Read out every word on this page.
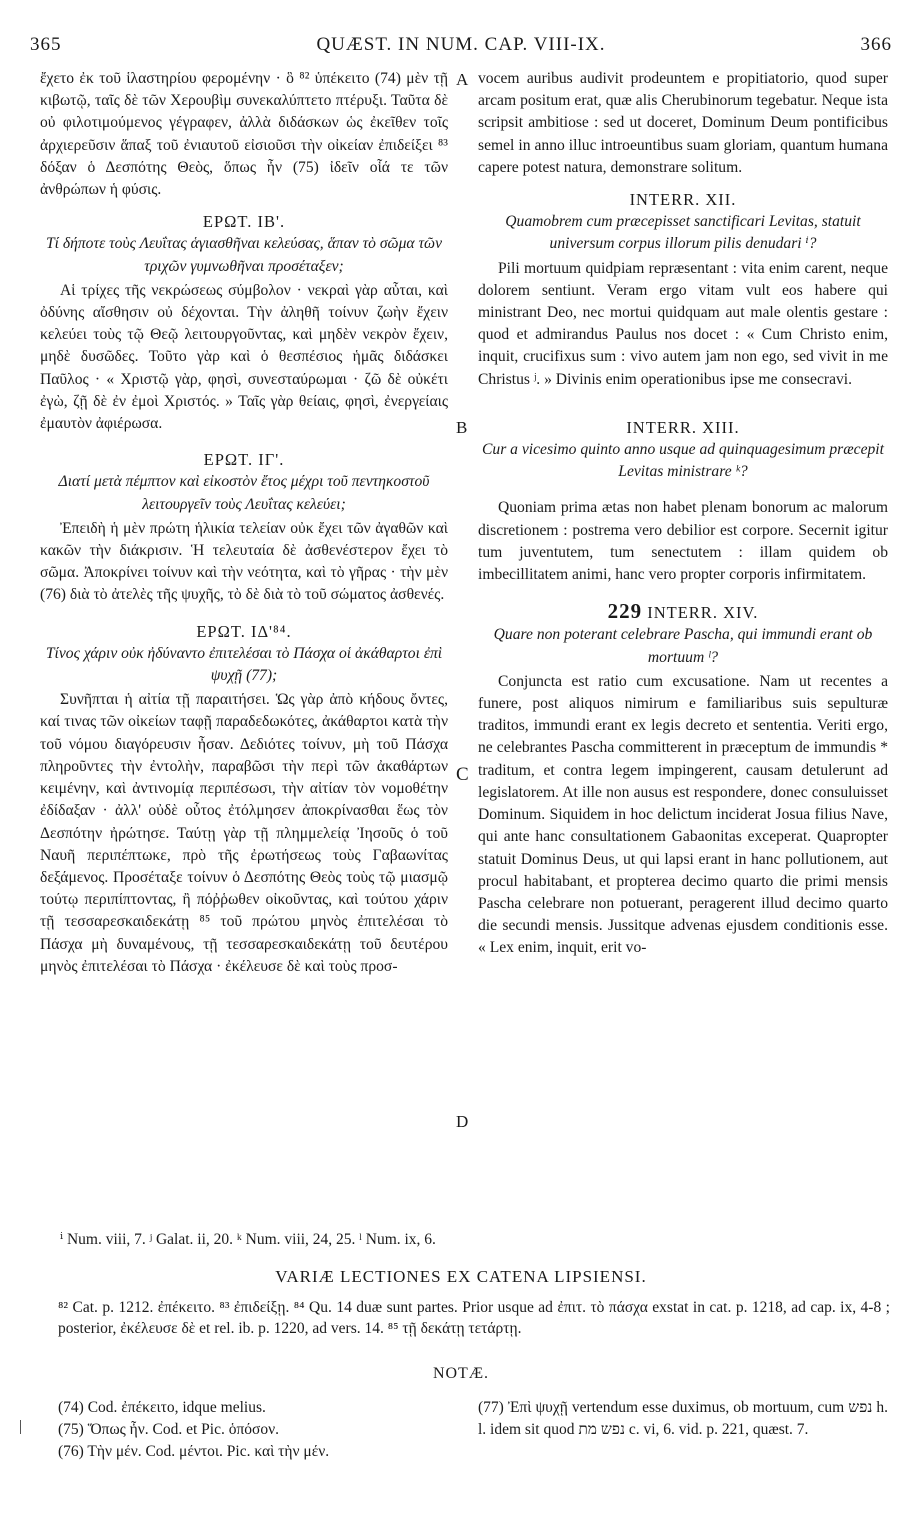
365	QUÆST. IN NUM. CAP. VIII-IX.	366
A
B
C
D

ἔχετο ἐκ τοῦ ἱλαστηρίου φερομένην · ὃ ⁸² ὑπέκειτο (74) μὲν τῇ κιβωτῷ, ταῖς δὲ τῶν Χερουβὶμ συνεκαλύπτετο πτέρυξι. Ταῦτα δὲ οὐ φιλοτιμούμενος γέγραφεν, ἀλλὰ διδάσκων ὡς ἐκεῖθεν τοῖς ἀρχιερεῦσιν ἅπαξ τοῦ ἐνιαυτοῦ εἰσιοῦσι τὴν οἰκείαν ἐπιδείξει ⁸³ δόξαν ὁ Δεσπότης Θεὸς, ὅπως ἦν (75) ἰδεῖν οἷά τε τῶν ἀνθρώπων ἡ φύσις.

ΕΡΩΤ. ΙΒ'.

Τί δήποτε τοὺς Λευΐτας ἁγιασθῆναι κελεύσας, ἅπαν τὸ σῶμα τῶν τριχῶν γυμνωθῆναι προσέταξεν;

Αἱ τρίχες τῆς νεκρώσεως σύμβολον · νεκραὶ γὰρ αὗται, καὶ ὀδύνης αἴσθησιν οὐ δέχονται. Τὴν ἀληθῆ τοίνυν ζωὴν ἔχειν κελεύει τοὺς τῷ Θεῷ λειτουργοῦντας, καὶ μηδὲν νεκρὸν ἔχειν, μηδὲ δυσῶδες. Τοῦτο γὰρ καὶ ὁ θεσπέσιος ἡμᾶς διδάσκει Παῦλος · « Χριστῷ γὰρ, φησὶ, συνεσταύρωμαι · ζῶ δὲ οὐκέτι ἐγὼ, ζῇ δὲ ἐν ἐμοὶ Χριστός. » Ταῖς γὰρ θείαις, φησὶ, ἐνεργείαις ἐμαυτὸν ἀφιέρωσα.

ΕΡΩΤ. ΙΓ'.

Διατί μετὰ πέμπτον καὶ εἰκοστὸν ἔτος μέχρι τοῦ πεντηκοστοῦ λειτουργεῖν τοὺς Λευΐτας κελεύει;

Ἐπειδὴ ἡ μὲν πρώτη ἡλικία τελείαν οὐκ ἔχει τῶν ἀγαθῶν καὶ κακῶν τὴν διάκρισιν. Ἡ τελευταία δὲ ἀσθενέστερον ἔχει τὸ σῶμα. Ἀποκρίνει τοίνυν καὶ τὴν νεότητα, καὶ τὸ γῆρας · τὴν μὲν (76) διὰ τὸ ἀτελὲς τῆς ψυχῆς, τὸ δὲ διὰ τὸ τοῦ σώματος ἀσθενές.

ΕΡΩΤ. ΙΔ'⁸⁴.

Τίνος χάριν οὐκ ἠδύναντο ἐπιτελέσαι τὸ Πάσχα οἱ ἀκάθαρτοι ἐπὶ ψυχῇ (77);

Συνῆπται ἡ αἰτία τῇ παραιτήσει. Ὡς γὰρ ἀπὸ κήδους ὄντες, καί τινας τῶν οἰκείων ταφῇ παραδεδωκότες, ἀκάθαρτοι κατὰ τὴν τοῦ νόμου διαγόρευσιν ἦσαν. Δεδιότες τοίνυν, μὴ τοῦ Πάσχα πληροῦντες τὴν ἐντολὴν, παραβῶσι τὴν περὶ τῶν ἀκαθάρτων κειμένην, καὶ ἀντινομίᾳ περιπέσωσι, τὴν αἰτίαν τὸν νομοθέτην ἐδίδαξαν · ἀλλ' οὐδὲ οὗτος ἐτόλμησεν ἀποκρίνασθαι ἕως τὸν Δεσπότην ἠρώτησε. Ταύτῃ γὰρ τῇ πλημμελείᾳ Ἰησοῦς ὁ τοῦ Ναυῆ περιπέπτωκε, πρὸ τῆς ἐρωτήσεως τοὺς Γαβαωνίτας δεξάμενος. Προσέταξε τοίνυν ὁ Δεσπότης Θεὸς τοὺς τῷ μιασμῷ τούτῳ περιπίπτοντας, ἢ πόῤῥωθεν οἰκοῦντας, καὶ τούτου χάριν τῇ τεσσαρεσκαιδεκάτῃ ⁸⁵ τοῦ πρώτου μηνὸς ἐπιτελέσαι τὸ Πάσχα μὴ δυναμένους, τῇ τεσσαρεσκαιδεκάτῃ τοῦ δευτέρου μηνὸς ἐπιτελέσαι τὸ Πάσχα · ἐκέλευσε δὲ καὶ τοὺς προσ-

vocem auribus audivit prodeuntem e propitiatorio, quod super arcam positum erat, quæ alis Cherubinorum tegebatur. Neque ista scripsit ambitiose : sed ut doceret, Dominum Deum pontificibus semel in anno illuc introeuntibus suam gloriam, quantum humana capere potest natura, demonstrare solitum.

INTERR. XII.

Quamobrem cum præcepisset sanctificari Levitas, statuit universum corpus illorum pilis denudari ⁱ?

Pili mortuum quidpiam repræsentant : vita enim carent, neque dolorem sentiunt. Veram ergo vitam vult eos habere qui ministrant Deo, nec mortui quidquam aut male olentis gestare : quod et admirandus Paulus nos docet : « Cum Christo enim, inquit, crucifixus sum : vivo autem jam non ego, sed vivit in me Christus ʲ. » Divinis enim operationibus ipse me consecravi.

INTERR. XIII.

Cur a vicesimo quinto anno usque ad quinquagesimum præcepit Levitas ministrare ᵏ?

Quoniam prima ætas non habet plenam bonorum ac malorum discretionem : postrema vero debilior est corpore. Secernit igitur tum juventutem, tum senectutem : illam quidem ob imbecillitatem animi, hanc vero propter corporis infirmitatem.

229 INTERR. XIV.

Quare non poterant celebrare Pascha, qui immundi erant ob mortuum ˡ?

Conjuncta est ratio cum excusatione. Nam ut recentes a funere, post aliquos nimirum e familiaribus suis sepulturæ traditos, immundi erant ex legis decreto et sententia. Veriti ergo, ne celebrantes Pascha committerent in præceptum de immundis * traditum, et contra legem impingerent, causam detulerunt ad legislatorem. At ille non ausus est respondere, donec consuluisset Dominum. Siquidem in hoc delictum inciderat Josua filius Nave, qui ante hanc consultationem Gabaonitas exceperat. Quapropter statuit Dominus Deus, ut qui lapsi erant in hanc pollutionem, aut procul habitabant, et propterea decimo quarto die primi mensis Pascha celebrare non potuerant, peragerent illud decimo quarto die secundi mensis. Jussitque advenas ejusdem conditionis esse. « Lex enim, inquit, erit vo-

ⁱ Num. viii, 7. ʲ Galat. ii, 20. ᵏ Num. viii, 24, 25. ˡ Num. ix, 6.
VARIÆ LECTIONES EX CATENA LIPSIENSI.
⁸² Cat. p. 1212. ἐπέκειτο. ⁸³ ἐπιδείξῃ. ⁸⁴ Qu. 14 duæ sunt partes. Prior usque ad ἐπιτ. τὸ πάσχα exstat in cat. p. 1218, ad cap. ix, 4-8 ; posterior, ἐκέλευσε δὲ et rel. ib. p. 1220, ad vers. 14. ⁸⁵ τῇ δεκάτῃ τετάρτῃ.
NOTÆ.
(74) Cod. ἐπέκειτο, idque melius.
(75) Ὅπως ἦν. Cod. et Pic. ὁπόσον.
(76) Τὴν μέν. Cod. μέντοι. Pic. καὶ τὴν μέν.
(77) Ἐπὶ ψυχῇ vertendum esse duximus, ob mortuum, cum נפש h. l. idem sit quod נפש מת c. vi, 6. vid. p. 221, quæst. 7.
